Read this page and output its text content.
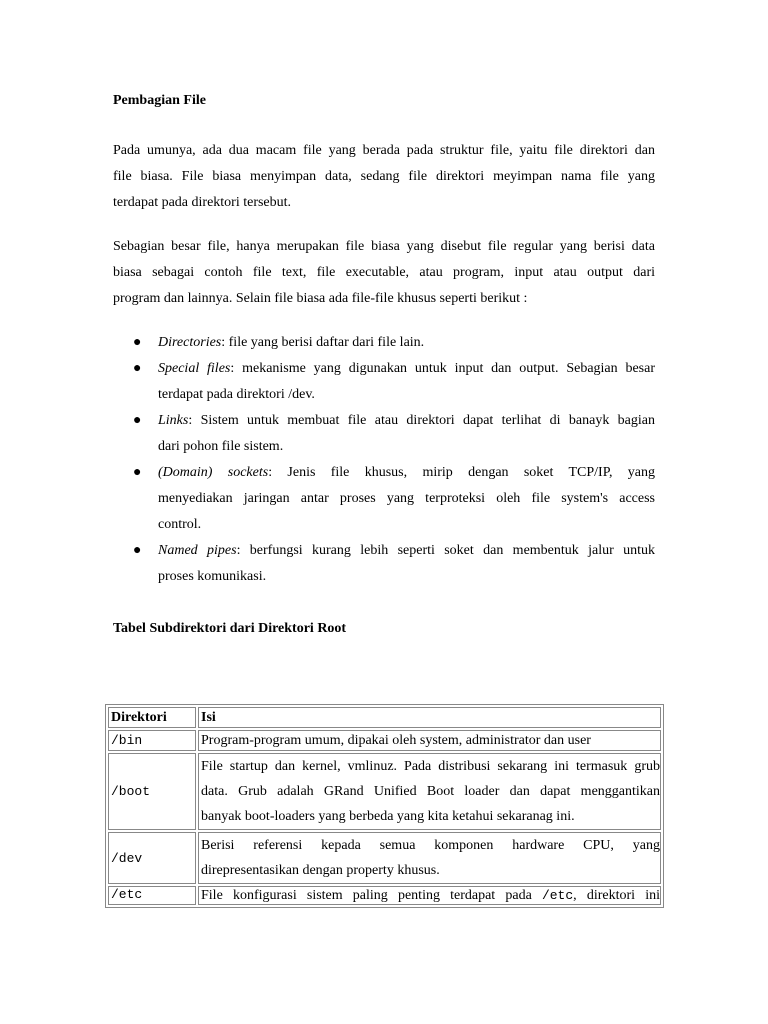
Pembagian File

Pada umunya, ada dua macam file yang berada pada struktur file, yaitu file direktori dan
file biasa. File biasa menyimpan data, sedang file direktori meyimpan nama file yang
terdapat pada direktori tersebut.

Sebagian besar file, hanya merupakan file biasa yang disebut file regular yang berisi data
biasa sebagai contoh file text, file executable, atau program, input atau output dari
program dan lainnya. Selain file biasa ada file-file khusus seperti berikut :

● Directories: file yang berisi daftar dari file lain.
● Special files: mekanisme yang digunakan untuk input dan output. Sebagian besar
terdapat pada direktori /dev.
● Links: Sistem untuk membuat file atau direktori dapat terlihat di banayk bagian
dari pohon file sistem.
● (Domain) sockets: Jenis file khusus, mirip dengan soket TCP/IP, yang
menyediakan jaringan antar proses yang terproteksi oleh file system's access
control.
● Named pipes: berfungsi kurang lebih seperti soket dan membentuk jalur untuk
proses komunikasi.
Tabel Subdirektori dari Direktori Root
Direktori	Isi
/bin	Program-program umum, dipakai oleh system, administrator dan user

/boot	File startup dan kernel, vmlinuz. Pada distribusi sekarang ini termasuk grub
data. Grub adalah GRand Unified Boot loader dan dapat menggantikan
banyak boot-loaders yang berbeda yang kita ketahui sekaranag ini.

/dev	Berisi referensi kepada semua komponen hardware CPU, yang
direpresentasikan dengan property khusus.

/etc	File konfigurasi sistem paling penting terdapat pada /etc, direktori ini
